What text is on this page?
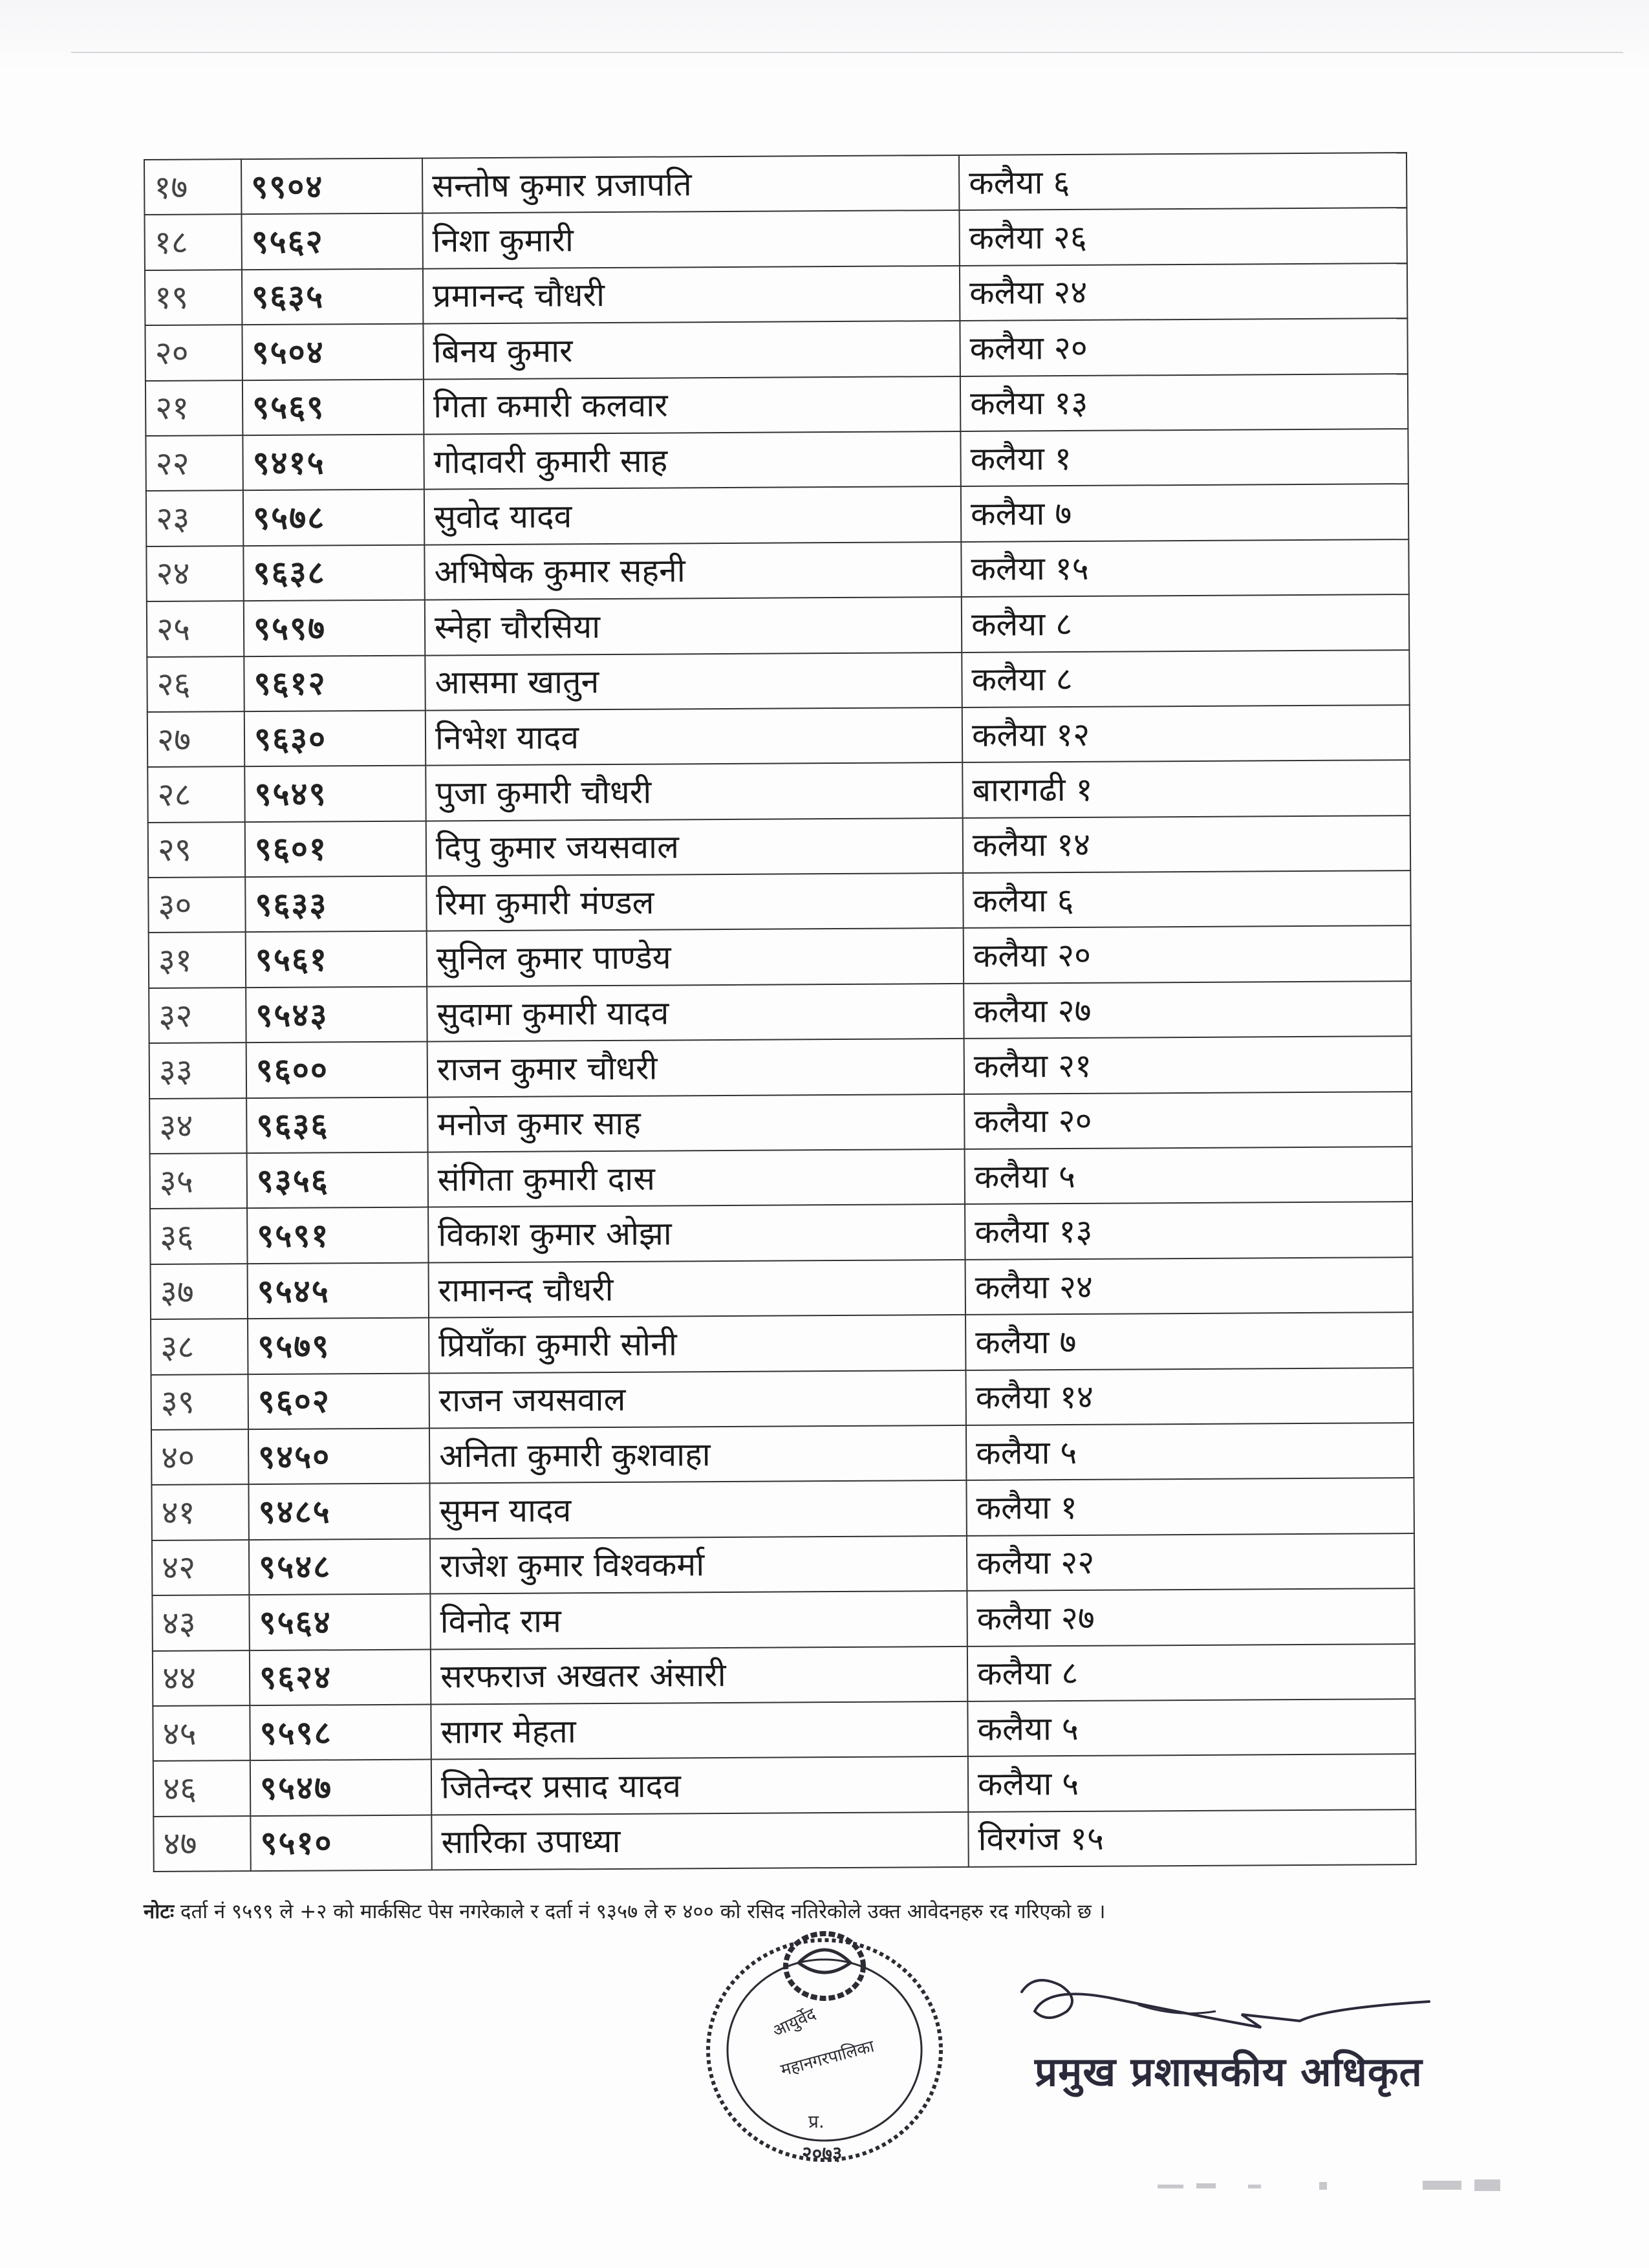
१७	९९०४	सन्तोष कुमार प्रजापति	कलैया ६
१८	९५६२	निशा कुमारी	कलैया २६
१९	९६३५	प्रमानन्द चौधरी	कलैया २४
२०	९५०४	बिनय कुमार	कलैया २०
२१	९५६९	गिता कमारी कलवार	कलैया १३
२२	९४१५	गोदावरी कुमारी साह	कलैया १
२३	९५७८	सुवोद यादव	कलैया ७
२४	९६३८	अभिषेक कुमार सहनी	कलैया १५
२५	९५९७	स्नेहा चौरसिया	कलैया ८
२६	९६१२	आसमा खातुन	कलैया ८
२७	९६३०	निभेश यादव	कलैया १२
२८	९५४९	पुजा कुमारी चौधरी	बारागढी १
२९	९६०१	दिपु कुमार जयसवाल	कलैया १४
३०	९६३३	रिमा कुमारी मंण्डल	कलैया ६
३१	९५६१	सुनिल कुमार पाण्डेय	कलैया २०
३२	९५४३	सुदामा कुमारी यादव	कलैया २७
३३	९६००	राजन कुमार चौधरी	कलैया २१
३४	९६३६	मनोज कुमार साह	कलैया २०
३५	९३५६	संगिता कुमारी दास	कलैया ५
३६	९५९१	विकाश कुमार ओझा	कलैया १३
३७	९५४५	रामानन्द चौधरी	कलैया २४
३८	९५७९	प्रियाँका कुमारी सोनी	कलैया ७
३९	९६०२	राजन जयसवाल	कलैया १४
४०	९४५०	अनिता कुमारी कुशवाहा	कलैया ५
४१	९४८५	सुमन यादव	कलैया १
४२	९५४८	राजेश कुमार विश्वकर्मा	कलैया २२
४३	९५६४	विनोद राम	कलैया २७
४४	९६२४	सरफराज अखतर अंसारी	कलैया ८
४५	९५९८	सागर मेहता	कलैया ५
४६	९५४७	जितेन्दर प्रसाद यादव	कलैया ५
४७	९५१०	सारिका उपाध्या	विरगंज १५
नोटः दर्ता नं ९५९९ ले +२ को मार्कसिट पेस नगरेकाले र दर्ता नं ९३५७ ले रु ४०० को रसिद नतिरेकोले उक्त आवेदनहरु रद गरिएको छ ।
आयुर्वेद
महानगरपालिका
प्र.
२०७३
प्रमुख प्रशासकीय अधिकृत
